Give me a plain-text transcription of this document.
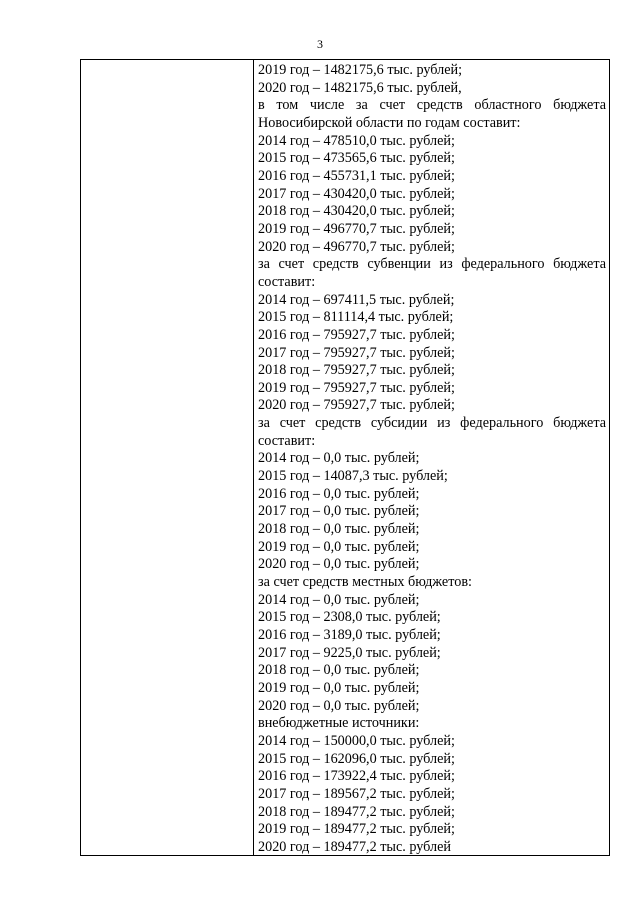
3
2019 год – 1482175,6 тыс. рублей;
2020 год – 1482175,6 тыс. рублей,
в том числе за счет средств областного бюджета
Новосибирской области по годам составит:
2014 год – 478510,0 тыс. рублей;
2015 год – 473565,6 тыс. рублей;
2016 год – 455731,1 тыс. рублей;
2017 год – 430420,0 тыс. рублей;
2018 год – 430420,0 тыс. рублей;
2019 год – 496770,7 тыс. рублей;
2020 год – 496770,7 тыс. рублей;
за счет средств субвенции из федерального бюджета
составит:
2014 год – 697411,5 тыс. рублей;
2015 год – 811114,4 тыс. рублей;
2016 год – 795927,7 тыс. рублей;
2017 год – 795927,7 тыс. рублей;
2018 год – 795927,7 тыс. рублей;
2019 год – 795927,7 тыс. рублей;
2020 год – 795927,7 тыс. рублей;
за счет средств субсидии из федерального бюджета
составит:
2014 год – 0,0 тыс. рублей;
2015 год – 14087,3 тыс. рублей;
2016 год – 0,0 тыс. рублей;
2017 год – 0,0 тыс. рублей;
2018 год – 0,0 тыс. рублей;
2019 год – 0,0 тыс. рублей;
2020 год – 0,0 тыс. рублей;
за счет средств местных бюджетов:
2014 год – 0,0 тыс. рублей;
2015 год – 2308,0 тыс. рублей;
2016 год – 3189,0 тыс. рублей;
2017 год – 9225,0 тыс. рублей;
2018 год – 0,0 тыс. рублей;
2019 год – 0,0 тыс. рублей;
2020 год – 0,0 тыс. рублей;
внебюджетные источники:
2014 год – 150000,0 тыс. рублей;
2015 год – 162096,0 тыс. рублей;
2016 год – 173922,4 тыс. рублей;
2017 год – 189567,2 тыс. рублей;
2018 год – 189477,2 тыс. рублей;
2019 год – 189477,2 тыс. рублей;
2020 год – 189477,2 тыс. рублей
